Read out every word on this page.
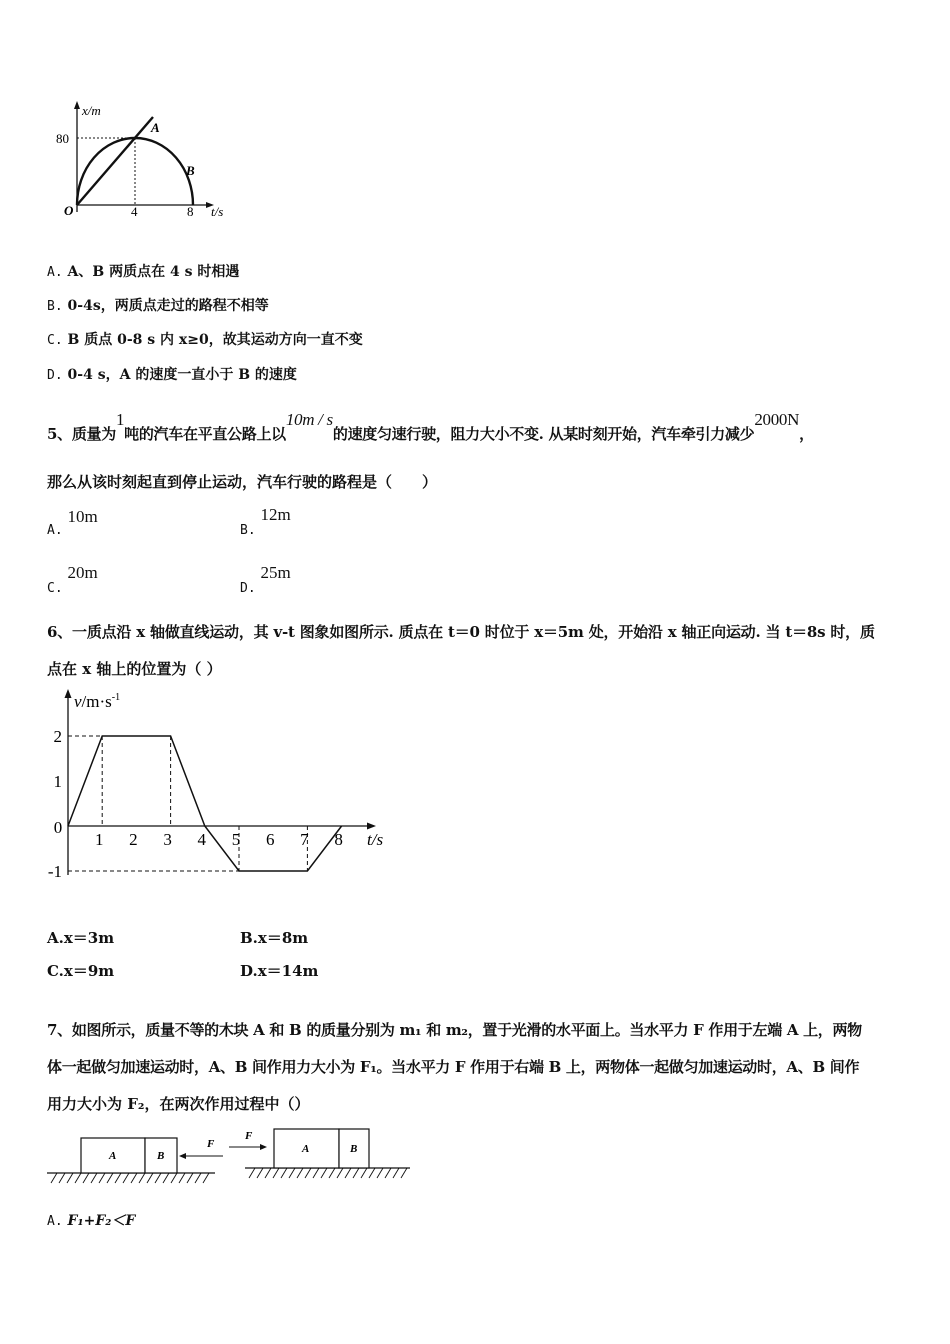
x/m
80
O	4	8 t/s
A
B
A. A、B 两质点在 4 s 时相遇
B. 0-4s，两质点走过的路程不相等
C. B 质点 0-8 s 内 x≥0，故其运动方向一直不变
D. 0-4 s，A 的速度一直小于 B 的速度
5、质量为1吨的汽车在平直公路上以10m / s的速度匀速行驶，阻力大小不变. 从某时刻开始，汽车牵引力减少2000N，
那么从该时刻起直到停止运动，汽车行驶的路程是（　　）
A. 10m
B. 12m
C. 20m
D. 25m
6、一质点沿 x 轴做直线运动，其 v-t 图象如图所示. 质点在 t＝0 时位于 x＝5m 处，开始沿 x 轴正向运动. 当 t＝8s 时，质
点在 x 轴上的位置为（ ）
$v/m\cdot s^{-1}$
t/s
1 2 3 4 5 6 7 8
0
2
1
-1
A.x＝3m	B.x＝8m
C.x＝9m	D.x＝14m
7、如图所示，质量不等的木块 A 和 B 的质量分别为 m₁ 和 m₂，置于光滑的水平面上。当水平力 F 作用于左端 A 上，两物
体一起做匀加速运动时，A、B 间作用力大小为 F₁。当水平力 F 作用于右端 B 上，两物体一起做匀加速运动时，A、B 间作
用力大小为 F₂，在两次作用过程中（）
A	B
F	A	B
F
A. F₁+F₂＜F
